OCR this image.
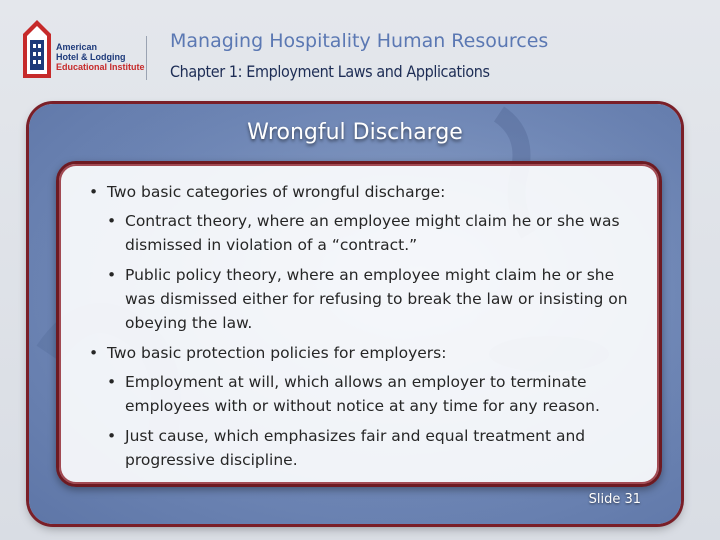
American
Hotel & Lodging
Educational Institute
Managing Hospitality Human Resources
Chapter 1: Employment Laws and Applications
Wrongful Discharge
• Two basic categories of wrongful discharge:
• Contract theory, where an employee might claim he or she was dismissed in violation of a “contract.”
• Public policy theory, where an employee might claim he or she was dismissed either for refusing to break the law or insisting on obeying the law.
• Two basic protection policies for employers:
• Employment at will, which allows an employer to terminate employees with or without notice at any time for any reason.
• Just cause, which emphasizes fair and equal treatment and progressive discipline.
Slide 31
